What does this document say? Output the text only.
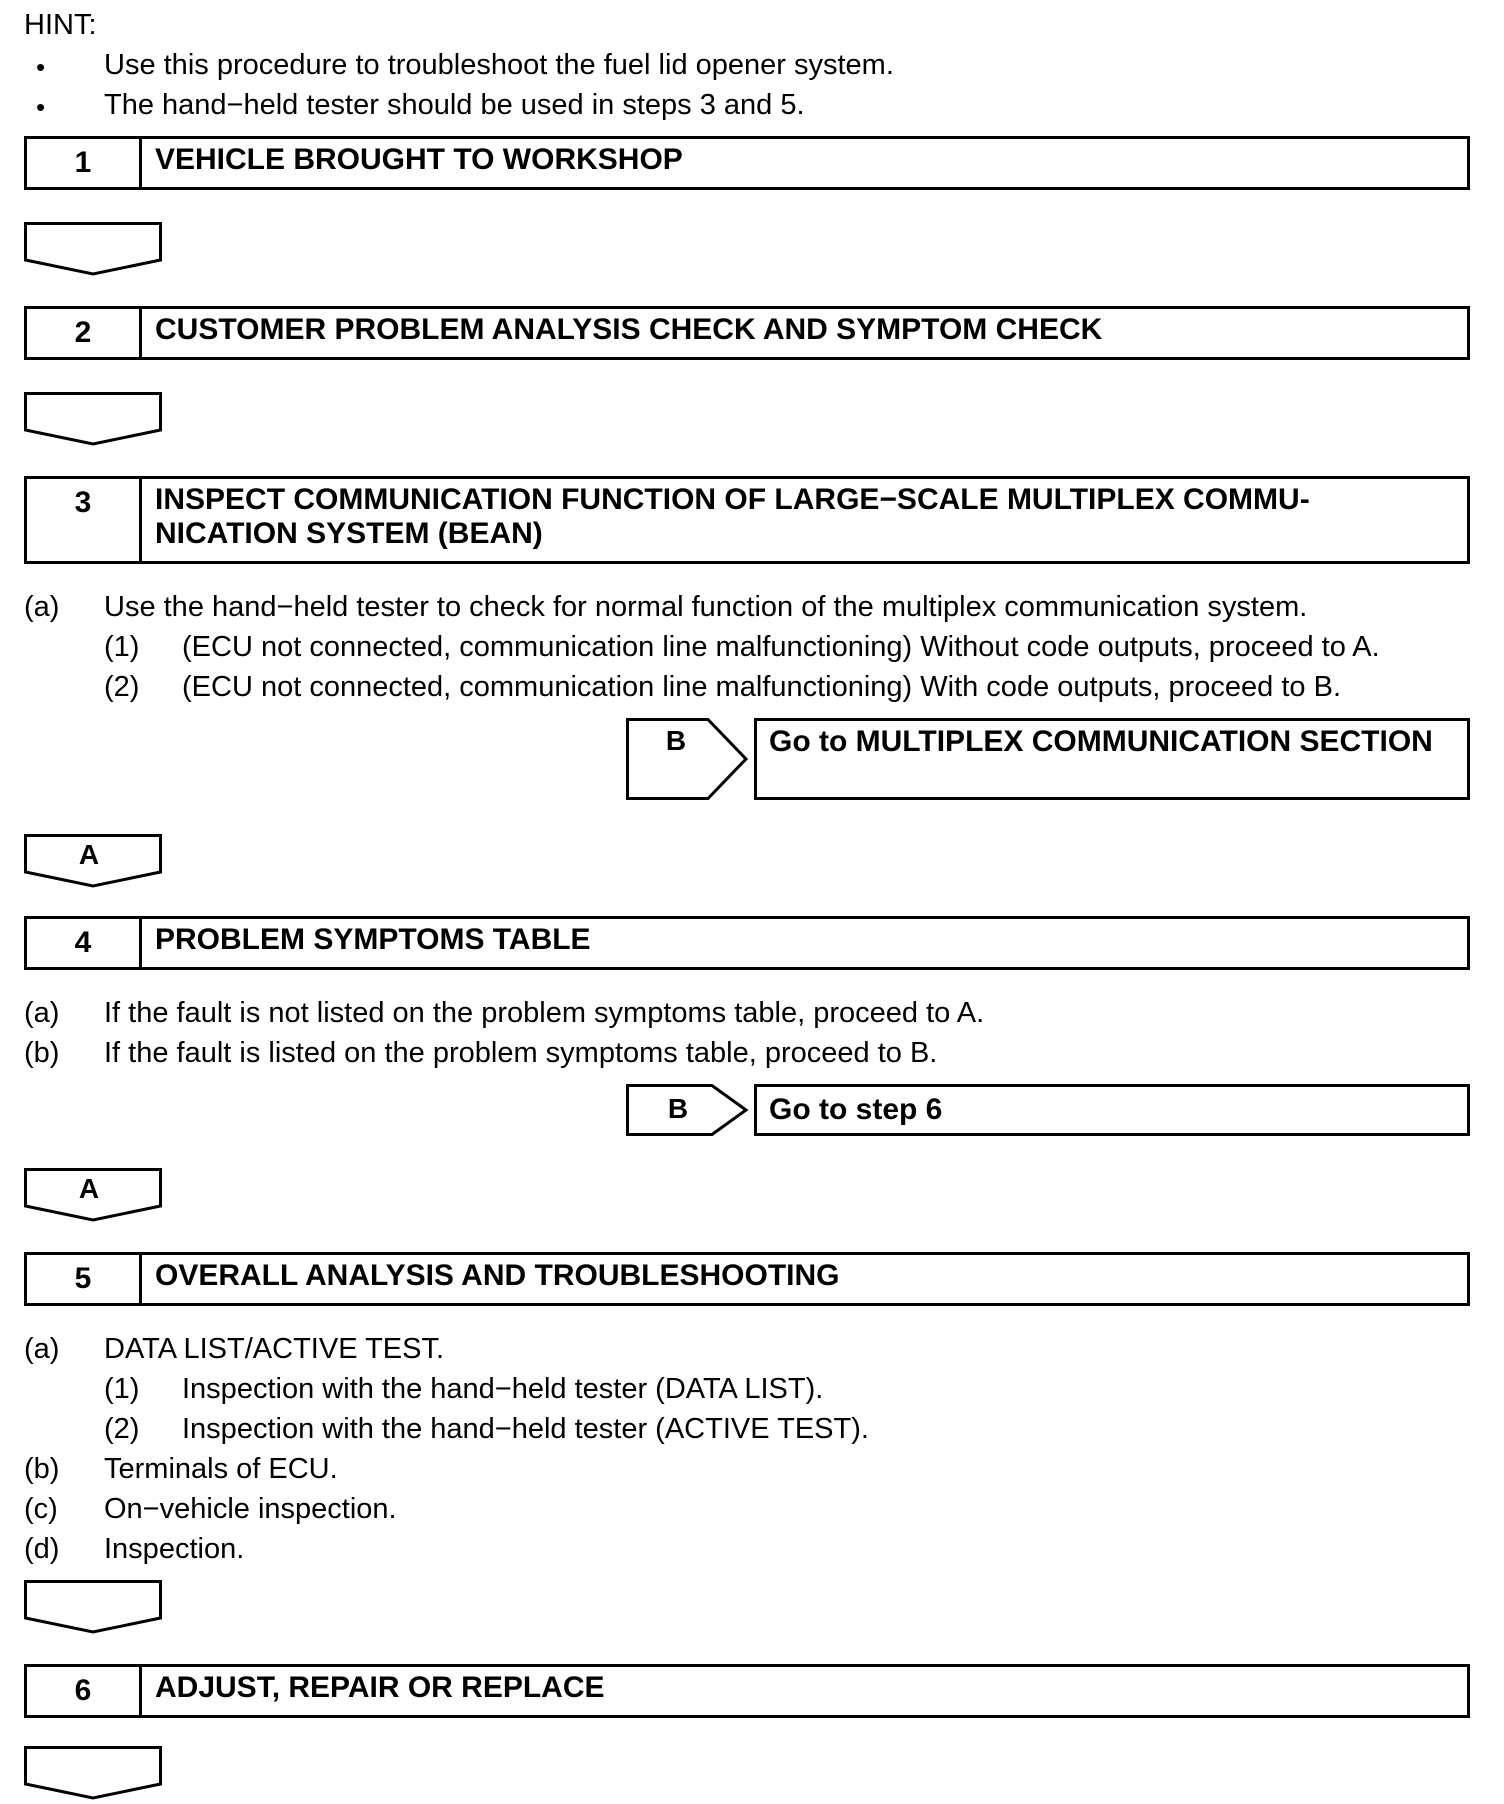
HINT:
• Use this procedure to troubleshoot the fuel lid opener system.
• The hand−held tester should be used in steps 3 and 5.
1	VEHICLE BROUGHT TO WORKSHOP
2	CUSTOMER PROBLEM ANALYSIS CHECK AND SYMPTOM CHECK
3	INSPECT COMMUNICATION FUNCTION OF LARGE−SCALE MULTIPLEX COMMU-
NICATION SYSTEM (BEAN)
(a) Use the hand−held tester to check for normal function of the multiplex communication system.
(1) (ECU not connected, communication line malfunctioning) Without code outputs, proceed to A.
(2) (ECU not connected, communication line malfunctioning) With code outputs, proceed to B.
B	Go to MULTIPLEX COMMUNICATION SECTION
A
4	PROBLEM SYMPTOMS TABLE
(a) If the fault is not listed on the problem symptoms table, proceed to A.
(b) If the fault is listed on the problem symptoms table, proceed to B.
B	Go to step 6
A
5	OVERALL ANALYSIS AND TROUBLESHOOTING
(a) DATA LIST/ACTIVE TEST.
(1) Inspection with the hand−held tester (DATA LIST).
(2) Inspection with the hand−held tester (ACTIVE TEST).
(b) Terminals of ECU.
(c) On−vehicle inspection.
(d) Inspection.
6	ADJUST, REPAIR OR REPLACE
